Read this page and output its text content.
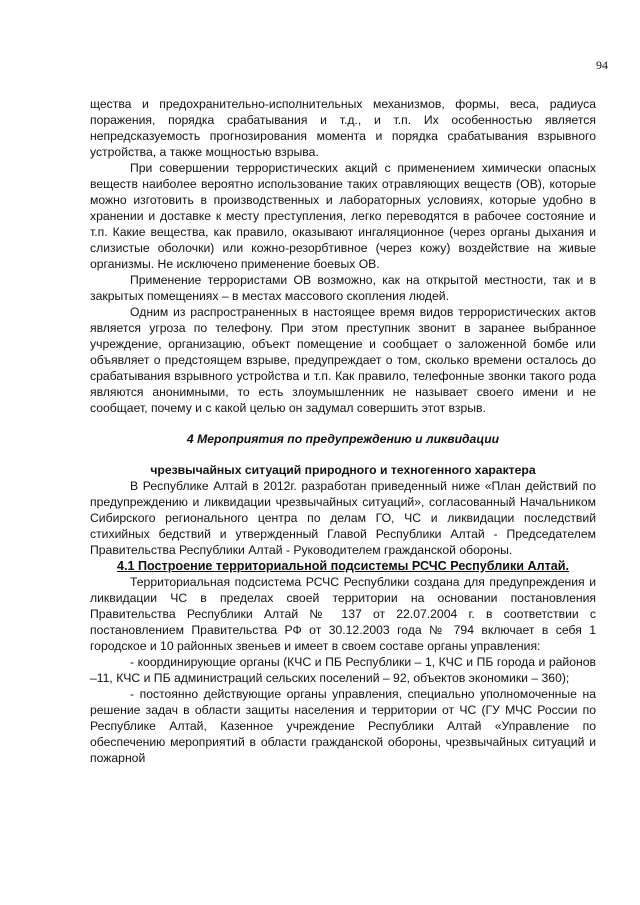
94

щества и предохранительно-исполнительных механизмов, формы, веса, радиуса поражения, порядка срабатывания и т.д., и т.п. Их особенностью является непредсказуемость прогнозирования момента и порядка срабатывания взрывного устройства, а также мощностью взрыва.

При совершении террористических акций с применением химически опасных веществ наиболее вероятно использование таких отравляющих веществ (ОВ), которые можно изготовить в производственных и лабораторных условиях, которые удобно в хранении и доставке к месту преступления, легко переводятся в рабочее состояние и т.п. Какие вещества, как правило, оказывают ингаляционное (через органы дыхания и слизистые оболочки) или кожно-резорбтивное (через кожу) воздействие на живые организмы. Не исключено применение боевых ОВ.

Применение террористами ОВ возможно, как на открытой местности, так и в закрытых помещениях – в местах массового скопления людей.

Одним из распространенных в настоящее время видов террористических актов является угроза по телефону. При этом преступник звонит в заранее выбранное учреждение, организацию, объект помещение и сообщает о заложенной бомбе или объявляет о предстоящем взрыве, предупреждает о том, сколько времени осталось до срабатывания взрывного устройства и т.п. Как правило, телефонные звонки такого рода являются анонимными, то есть злоумышленник не называет своего имени и не сообщает, почему и с какой целью он задумал совершить этот взрыв.

4 Мероприятия по предупреждению и ликвидации

чрезвычайных ситуаций природного и техногенного характера

В Республике Алтай в 2012г. разработан приведенный ниже «План действий по предупреждению и ликвидации чрезвычайных ситуаций», согласованный Начальником Сибирского регионального центра по делам ГО, ЧС и ликвидации последствий стихийных бедствий и утвержденный Главой Республики Алтай - Председателем Правительства Республики Алтай - Руководителем гражданской обороны.

4.1 Построение территориальной подсистемы РСЧС Республики Алтай.

Территориальная подсистема РСЧС Республики создана для предупреждения и ликвидации ЧС в пределах своей территории на основании постановления Правительства Республики Алтай № 137 от 22.07.2004 г. в соответствии с постановлением Правительства РФ от 30.12.2003 года № 794 включает в себя 1 городское и 10 районных звеньев и имеет в своем составе органы управления:

- координирующие органы (КЧС и ПБ Республики – 1, КЧС и ПБ города и районов –11, КЧС и ПБ администраций сельских поселений – 92, объектов экономики – 360);

- постоянно действующие органы управления, специально уполномоченные на решение задач в области защиты населения и территории от ЧС (ГУ МЧС России по Республике Алтай, Казенное учреждение Республики Алтай «Управление по обеспечению мероприятий в области гражданской обороны, чрезвычайных ситуаций и пожарной
